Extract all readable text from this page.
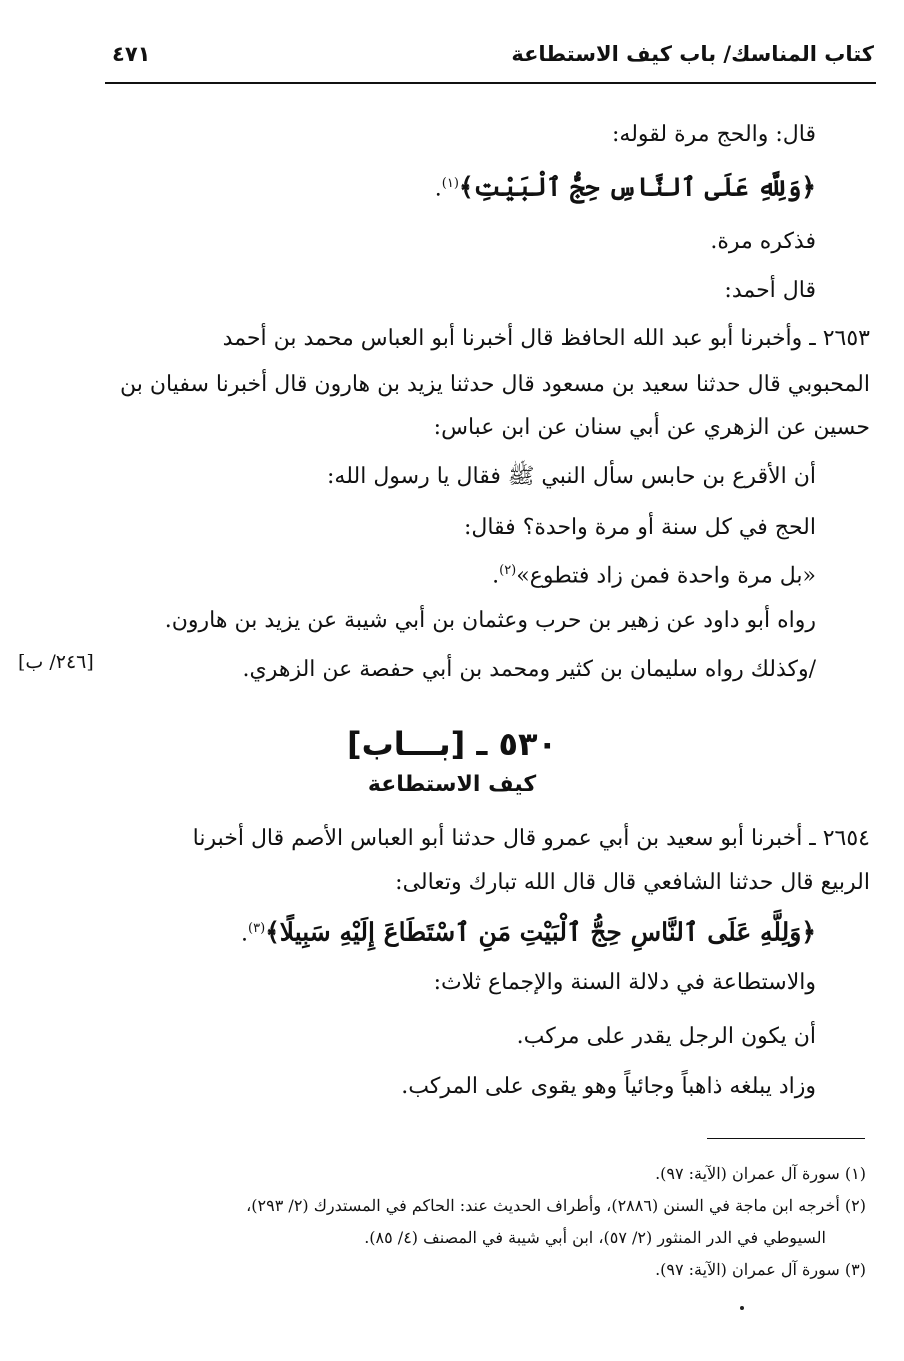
كتاب المناسك/ باب كيف الاستطاعة
٤٧١
قال: والحج مرة لقوله:
﴿وَلِلَّهِ عَلَى ٱلنَّاسِ حِجُّ ٱلْبَيْتِ﴾$^{(١)}$.
فذكره مرة.
قال أحمد:
٢٦٥٣ ـ وأخبرنا أبو عبد الله الحافظ قال أخبرنا أبو العباس محمد بن أحمد
المحبوبي قال حدثنا سعيد بن مسعود قال حدثنا يزيد بن هارون قال أخبرنا سفيان بن
حسين عن الزهري عن أبي سنان عن ابن عباس:
أن الأقرع بن حابس سأل النبي ﷺ فقال يا رسول الله:
الحج في كل سنة أو مرة واحدة؟ فقال:
«بل مرة واحدة فمن زاد فتطوع»$^{(٢)}$.
رواه أبو داود عن زهير بن حرب وعثمان بن أبي شيبة عن يزيد بن هارون.
/وكذلك رواه سليمان بن كثير ومحمد بن أبي حفصة عن الزهري.
[٢٤٦/ ب]
٥٣٠ ـ [بـــاب]
كيف الاستطاعة
٢٦٥٤ ـ أخبرنا أبو سعيد بن أبي عمرو قال حدثنا أبو العباس الأصم قال أخبرنا
الربيع قال حدثنا الشافعي قال قال الله تبارك وتعالى:
﴿وَلِلَّهِ عَلَى ٱلنَّاسِ حِجُّ ٱلْبَيْتِ مَنِ ٱسْتَطَاعَ إِلَيْهِ سَبِيلًا﴾$^{(٣)}$.
والاستطاعة في دلالة السنة والإجماع ثلاث:
أن يكون الرجل يقدر على مركب.
وزاد يبلغه ذاهباً وجائياً وهو يقوى على المركب.
(١) سورة آل عمران (الآية: ٩٧).
(٢) أخرجه ابن ماجة في السنن (٢٨٨٦)، وأطراف الحديث عند: الحاكم في المستدرك (٢/ ٢٩٣)،
السيوطي في الدر المنثور (٢/ ٥٧)، ابن أبي شيبة في المصنف (٤/ ٨٥).
(٣) سورة آل عمران (الآية: ٩٧).
